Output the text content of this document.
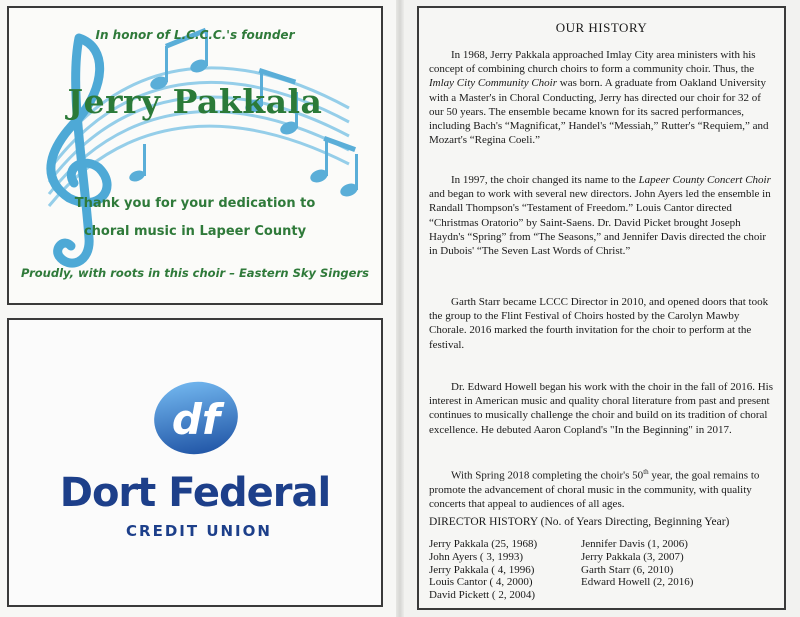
In honor of L.C.C.C.'s founder
Jerry Pakkala
Thank you for your dedication to
choral music in Lapeer County
Proudly, with roots in this choir – Eastern Sky Singers
df
Dort Federal
CREDIT UNION
OUR HISTORY

In 1968, Jerry Pakkala approached Imlay City area ministers with his concept of combining church choirs to form a community choir. Thus, the Imlay City Community Choir was born. A graduate from Oakland University with a Master's in Choral Conducting, Jerry has directed our choir for 32 of our 50 years. The ensemble became known for its sacred performances, including Bach's “Magnificat,” Handel's “Messiah,” Rutter's “Requiem,” and Mozart's “Regina Coeli.”

In 1997, the choir changed its name to the Lapeer County Concert Choir and began to work with several new directors. John Ayers led the ensemble in Randall Thompson's “Testament of Freedom.” Louis Cantor directed “Christmas Oratorio” by Saint-Saens. Dr. David Picket brought Joseph Haydn's “Spring” from “The Seasons,” and Jennifer Davis directed the choir in Dubois' “The Seven Last Words of Christ.”

Garth Starr became LCCC Director in 2010, and opened doors that took the group to the Flint Festival of Choirs hosted by the Carolyn Mawby Chorale. 2016 marked the fourth invitation for the choir to perform at the festival.

Dr. Edward Howell began his work with the choir in the fall of 2016. His interest in American music and quality choral literature from past and present continues to musically challenge the choir and build on its tradition of choral excellence. He debuted Aaron Copland's "In the Beginning" in 2017.

With Spring 2018 completing the choir's 50th year, the goal remains to promote the advancement of choral music in the community, with quality concerts that appeal to audiences of all ages.

DIRECTOR HISTORY (No. of Years Directing, Beginning Year)
Jerry Pakkala (25, 1968)	Jennifer Davis (1, 2006)
John Ayers ( 3, 1993)	Jerry Pakkala (3, 2007)
Jerry Pakkala ( 4, 1996)	Garth Starr (6, 2010)
Louis Cantor ( 4, 2000)	Edward Howell (2, 2016)
David Pickett ( 2, 2004)
